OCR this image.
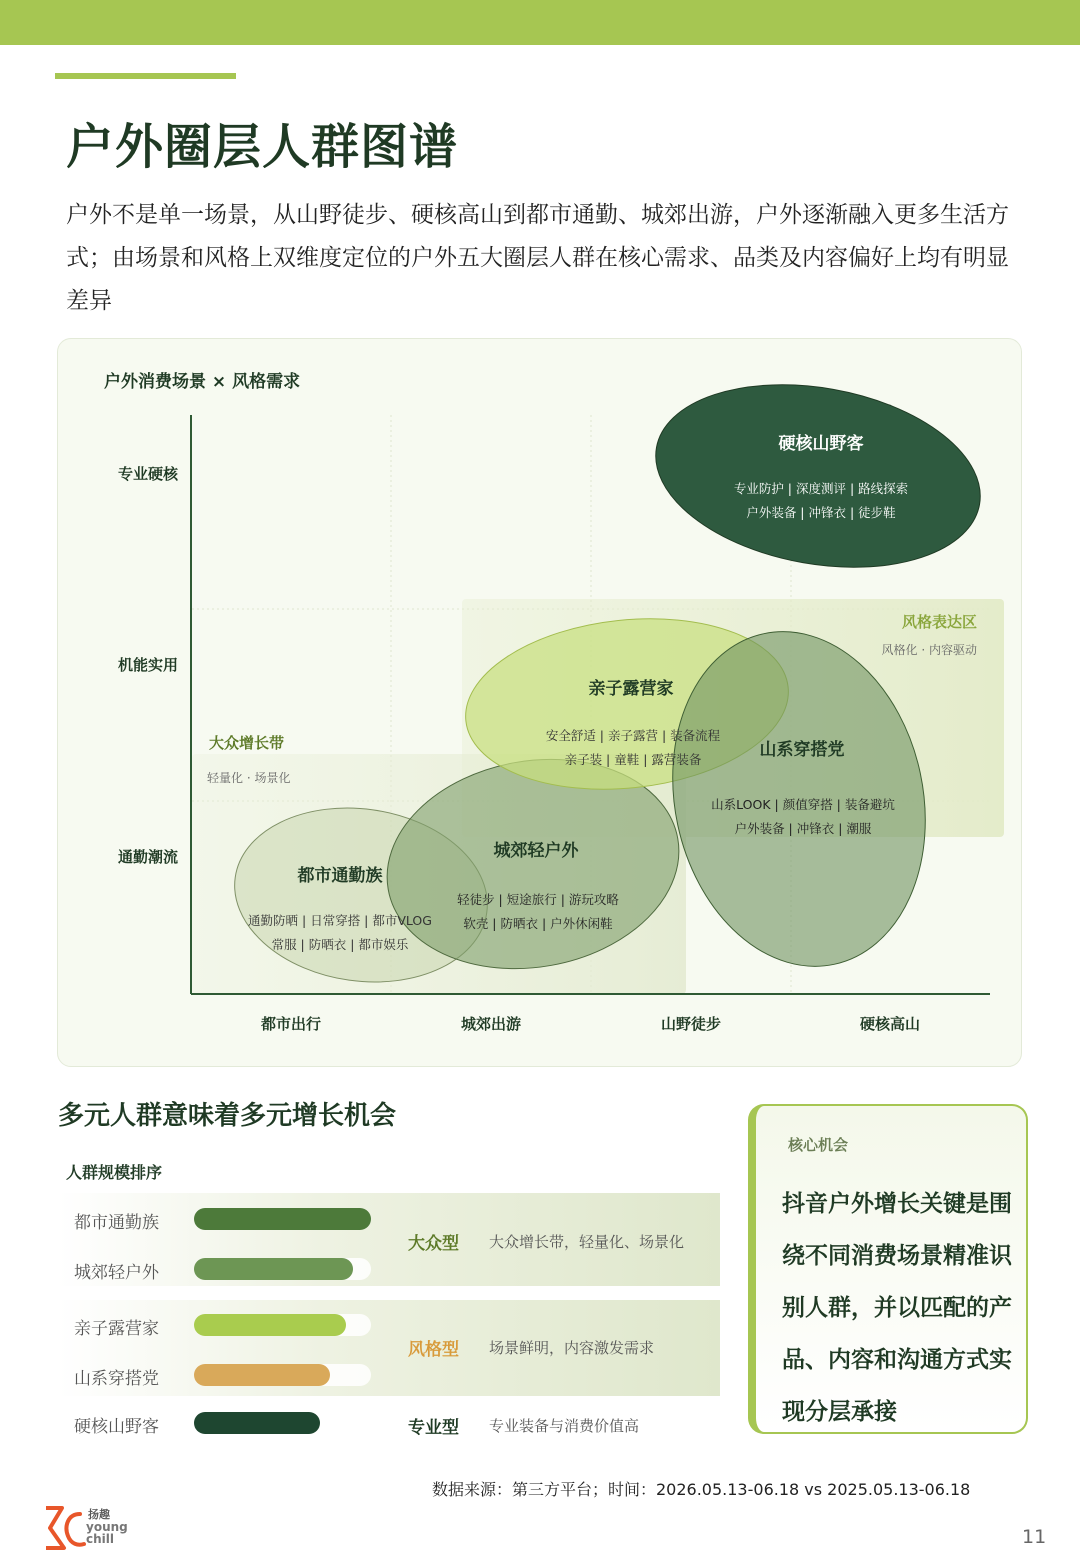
户外圈层人群图谱
户外不是单一场景，从山野徒步、硬核高山到都市通勤、城郊出游，户外逐渐融入更多生活方式；由场景和风格上双维度定位的户外五大圈层人群在核心需求、品类及内容偏好上均有明显差异
户外消费场景 × 风格需求
专业硬核
机能实用
通勤潮流
都市出行	城郊出游	山野徒步	硬核高山
风格表达区
风格化 · 内容驱动
大众增长带
轻量化 · 场景化
硬核山野客
专业防护 | 深度测评 | 路线探索
户外装备 | 冲锋衣 | 徒步鞋
亲子露营家
安全舒适 | 亲子露营 | 装备流程
亲子装 | 童鞋 | 露营装备	山系穿搭党
山系LOOK | 颜值穿搭 | 装备避坑
户外装备 | 冲锋衣 | 潮服
城郊轻户外
轻徒步 | 短途旅行 | 游玩攻略
软壳 | 防晒衣 | 户外休闲鞋
都市通勤族
通勤防晒 | 日常穿搭 | 都市VLOG
常服 | 防晒衣 | 都市娱乐
多元人群意味着多元增长机会
人群规模排序
都市通勤族
城郊轻户外
亲子露营家
山系穿搭党
硬核山野客
大众型 大众增长带，轻量化、场景化
风格型 场景鲜明，内容激发需求
专业型 专业装备与消费价值高
核心机会
抖音户外增长关键是围绕不同消费场景精准识别人群，并以匹配的产品、内容和沟通方式实现分层承接
数据来源：第三方平台；时间：2026.05.13-06.18 vs 2025.05.13-06.18
扬趣
young
chill	11
